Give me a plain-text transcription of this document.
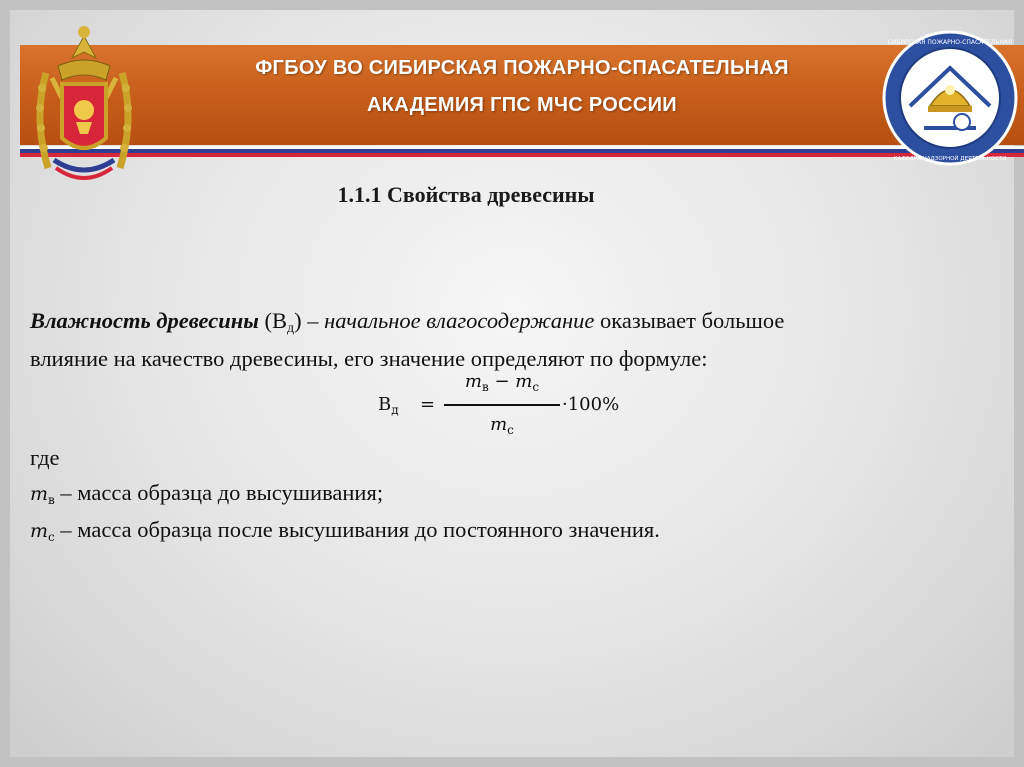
СИБИРСКАЯ ПОЖАРНО-СПАСАТЕЛЬНАЯ
КАФЕДРА НАДЗОРНОЙ ДЕЯТЕЛЬНОСТИ
ФГБОУ ВО СИБИРСКАЯ ПОЖАРНО-СПАСАТЕЛЬНАЯ
АКАДЕМИЯ ГПС МЧС РОССИИ
1.1.1 Свойства древесины
Влажность древесины $(В_д)$ – начальное влагосодержание оказывает большое
влияние на качество древесины, его значение определяют по формуле:
$В_д$ =
$m_в - m_с$
$m_с$
·100%
где
$m_в$ – масса образца до высушивания;
$m_с$ – масса образца после высушивания до постоянного значения.
